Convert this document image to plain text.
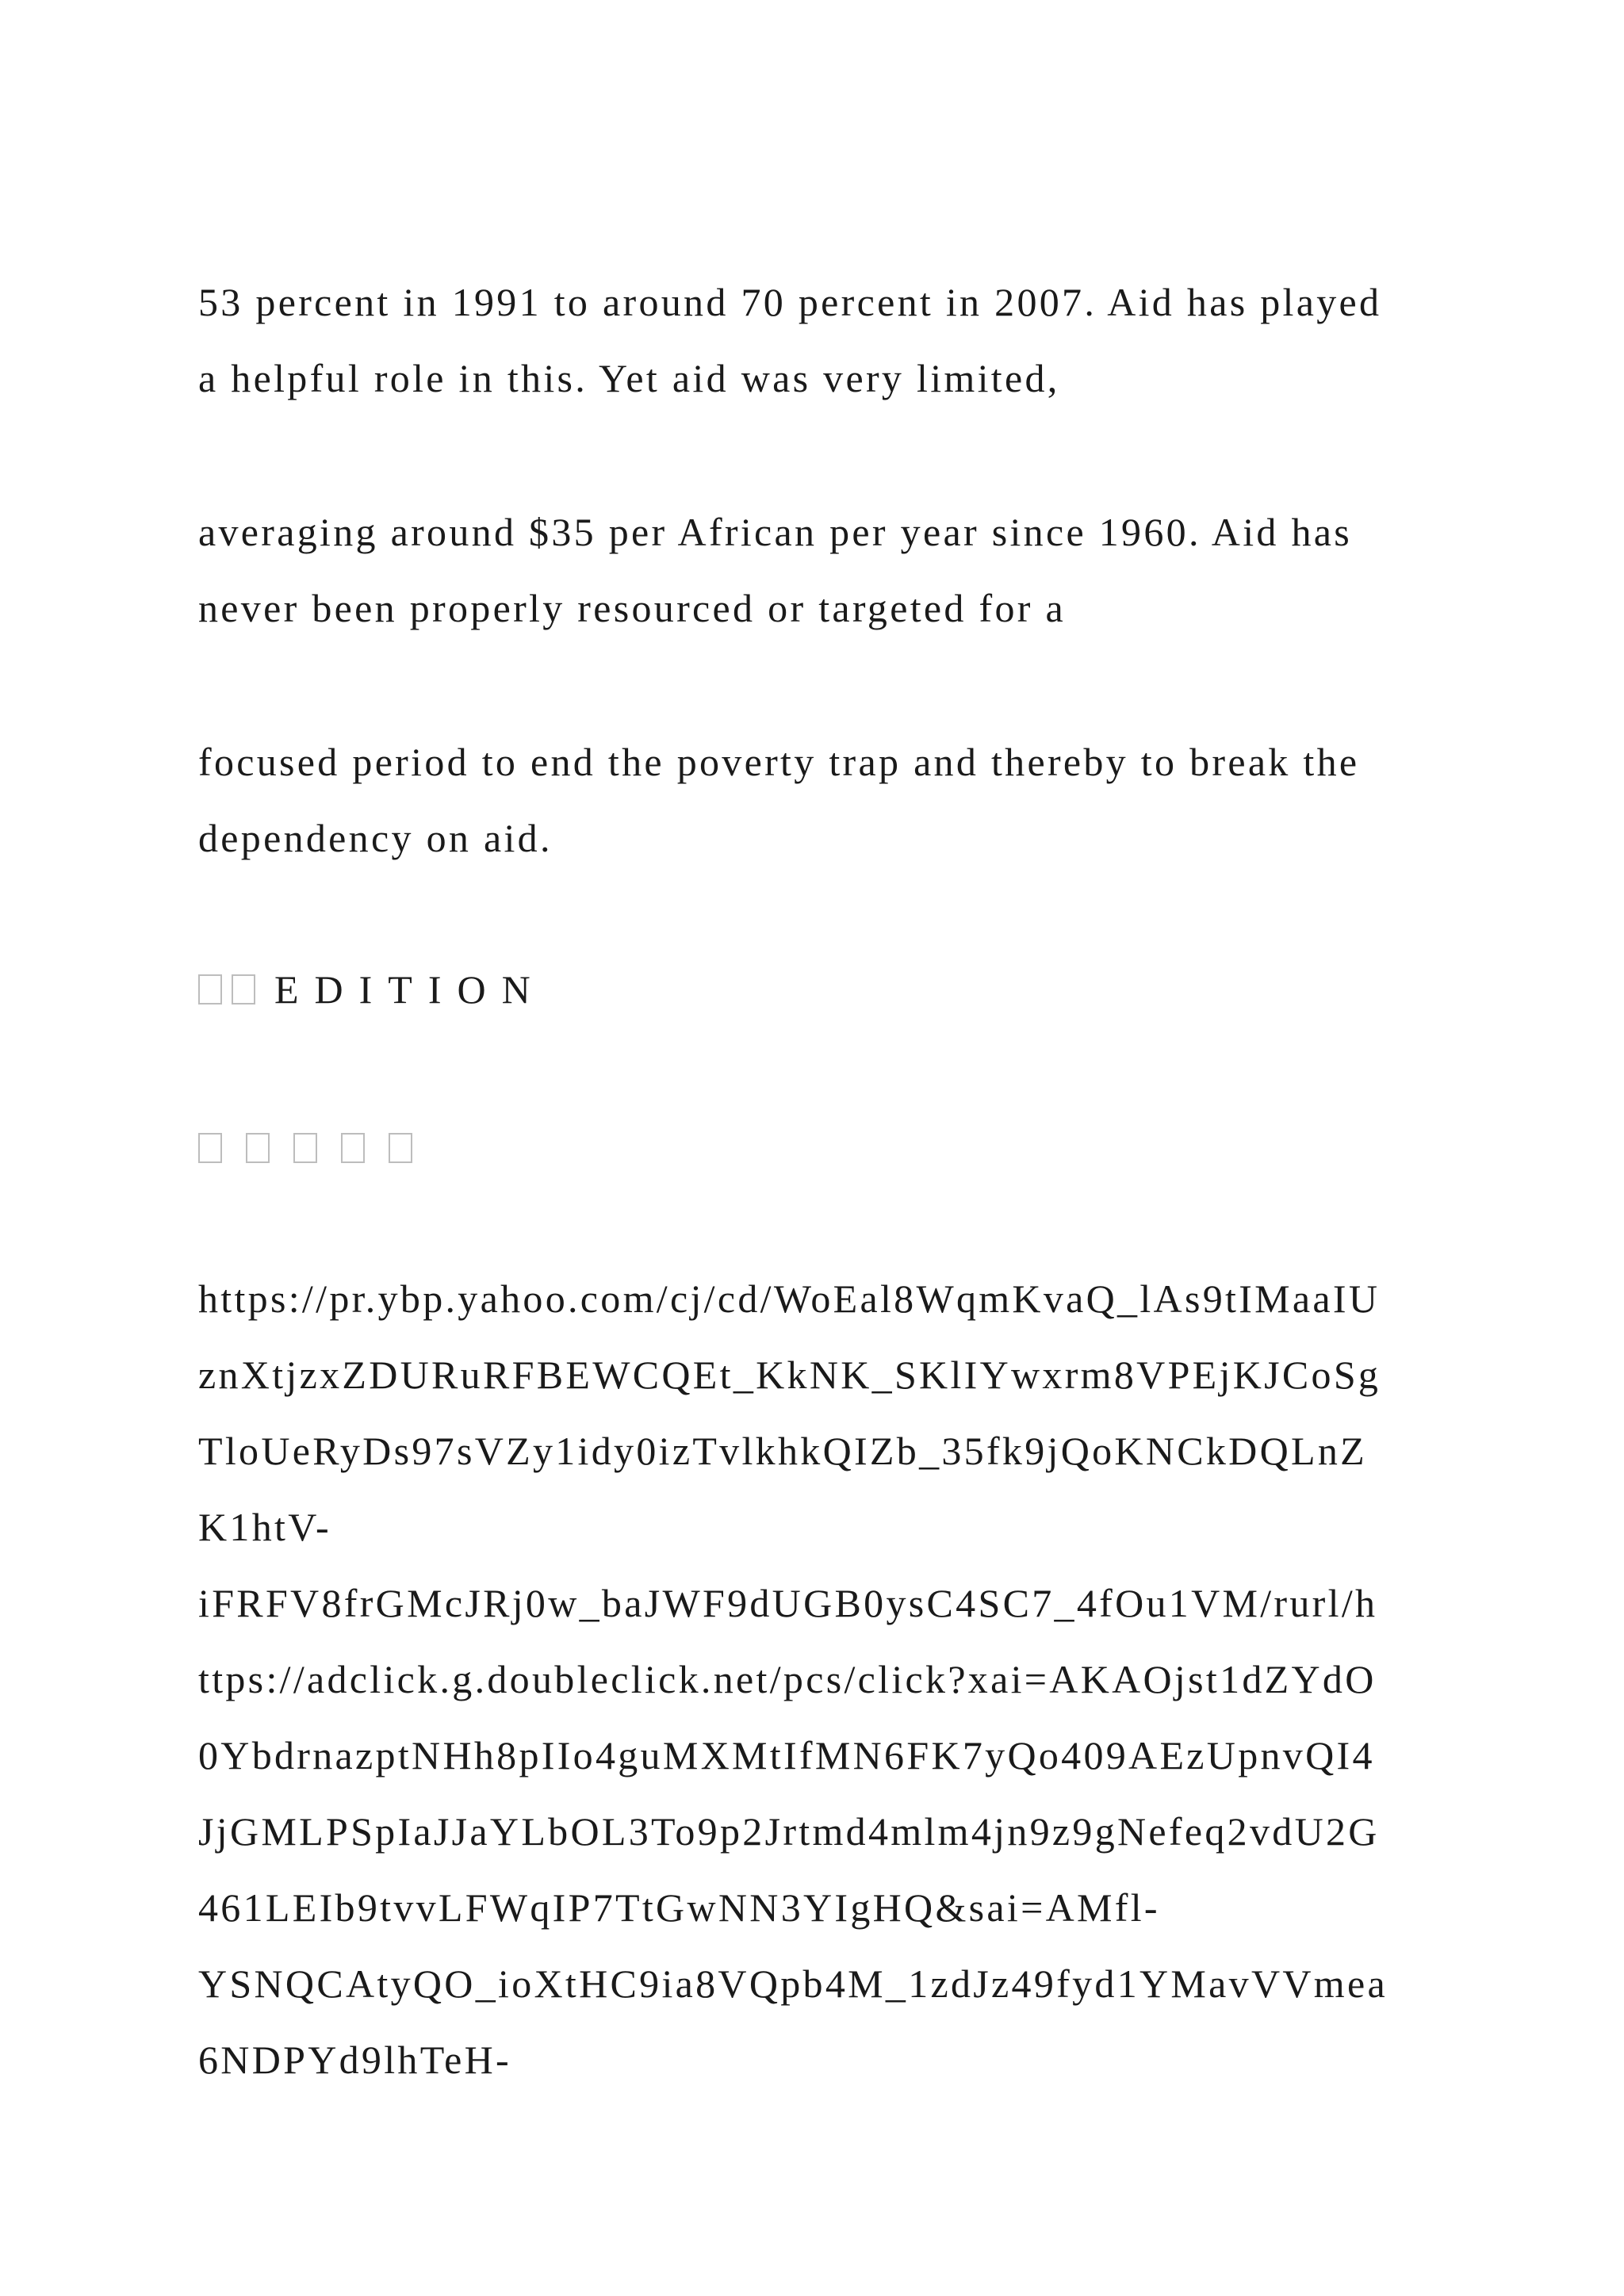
53 percent in 1991 to around 70 percent in 2007. Aid has played
a helpful role in this. Yet aid was very limited,

averaging around $35 per African per year since 1960. Aid has
never been properly resourced or targeted for a

focused period to end the poverty trap and thereby to break the
dependency on aid.

EDITION
https://pr.ybp.yahoo.com/cj/cd/WoEal8WqmKvaQ_lAs9tIMaaIU
znXtjzxZDURuRFBEWCQEt_KkNK_SKlIYwxrm8VPEjKJCoSg
TloUeRyDs97sVZy1idy0izTvlkhkQIZb_35fk9jQoKNCkDQLnZ
K1htV-
iFRFV8frGMcJRj0w_baJWF9dUGB0ysC4SC7_4fOu1VM/rurl/h
ttps://adclick.g.doubleclick.net/pcs/click?xai=AKAOjst1dZYdO
0YbdrnazptNHh8pIIo4guMXMtIfMN6FK7yQo409AEzUpnvQI4
JjGMLPSpIaJJaYLbOL3To9p2Jrtmd4mlm4jn9z9gNefeq2vdU2G
461LEIb9tvvLFWqIP7TtGwNN3YIgHQ&sai=AMfl-
YSNQCAtyQO_ioXtHC9ia8VQpb4M_1zdJz49fyd1YMavVVmea
6NDPYd9lhTeH-
